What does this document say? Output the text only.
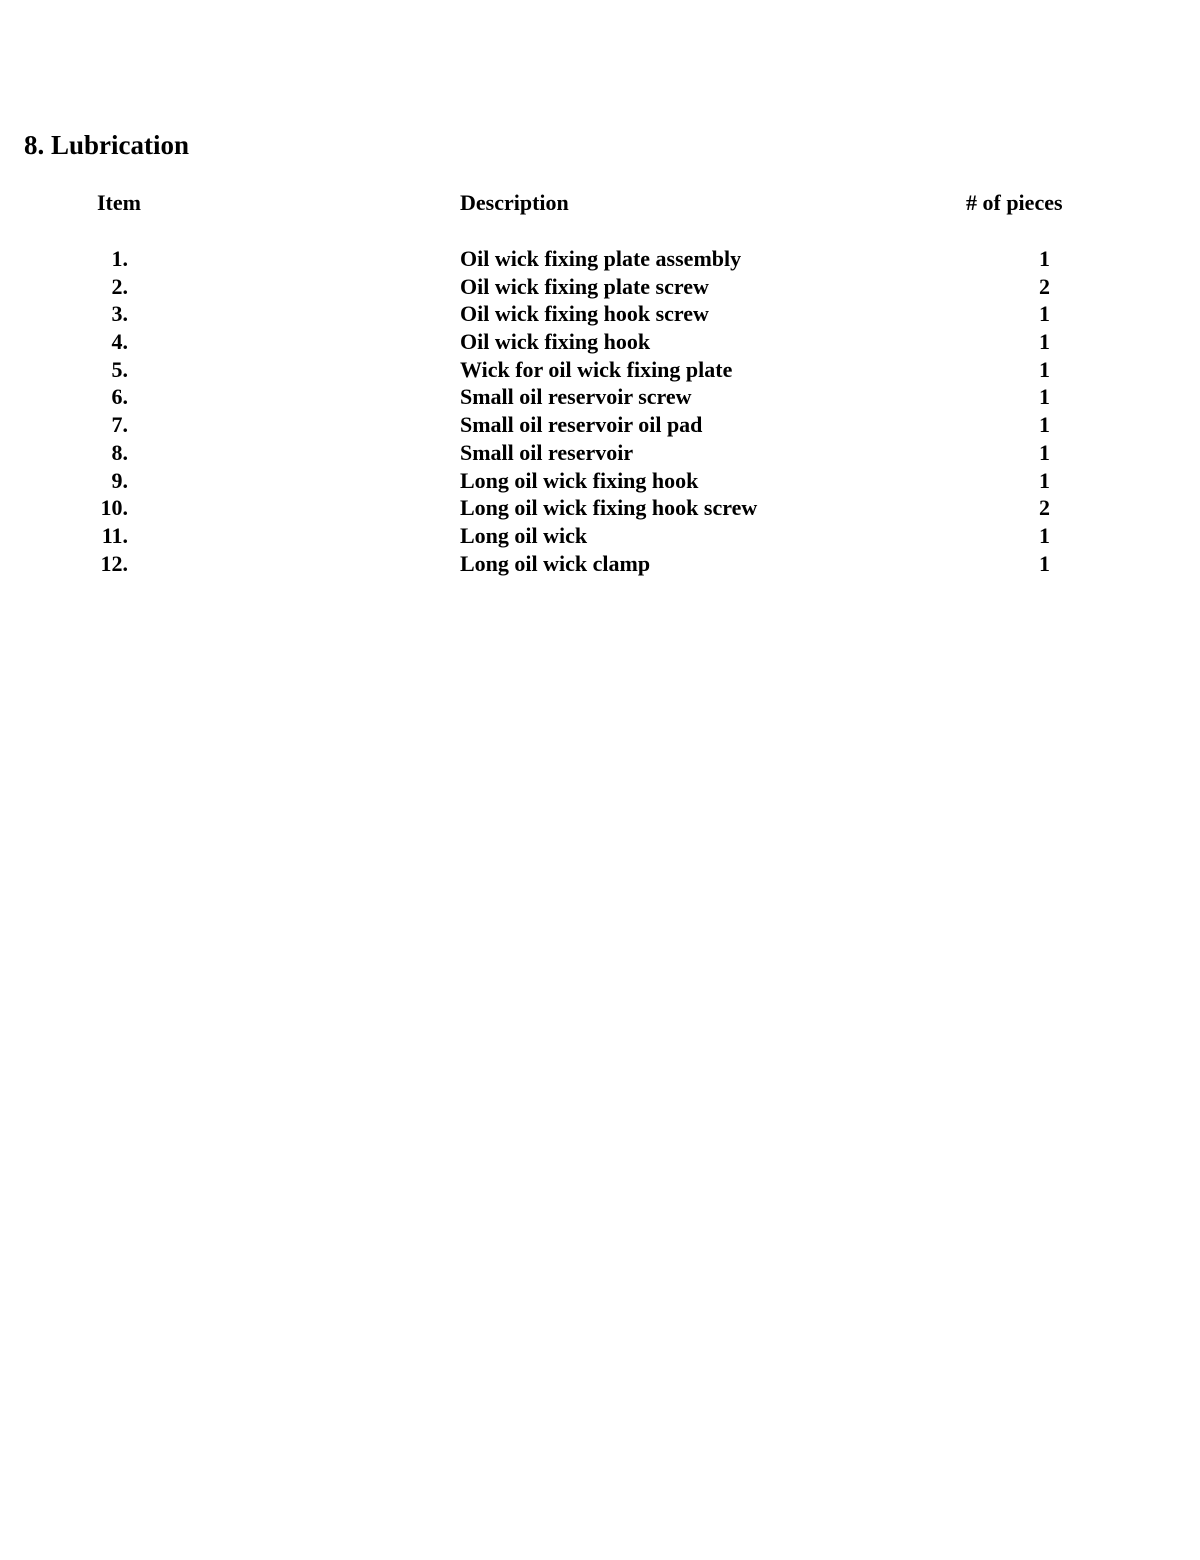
8. Lubrication
Item	Description	# of pieces
1.	Oil wick fixing plate assembly	1
2.	Oil wick fixing plate screw	2
3.	Oil wick fixing hook screw	1
4.	Oil wick fixing hook	1
5.	Wick for oil wick fixing plate	1
6.	Small oil reservoir screw	1
7.	Small oil reservoir oil pad	1
8.	Small oil reservoir	1
9.	Long oil wick fixing hook	1
10.	Long oil wick fixing hook screw	2
11.	Long oil wick	1
12.	Long oil wick clamp	1
